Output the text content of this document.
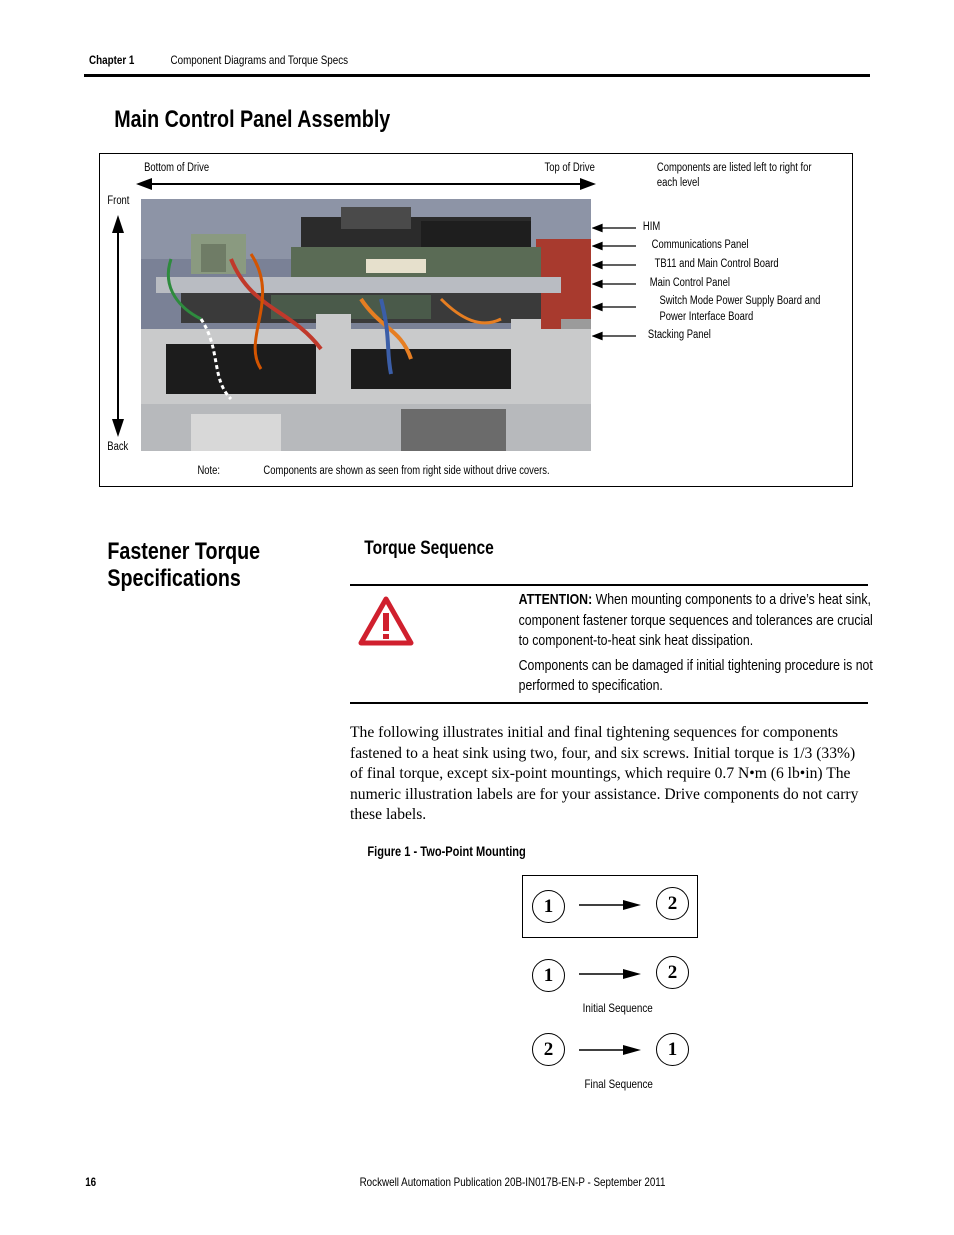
Chapter 1	Component Diagrams and Torque Specs
Main Control Panel Assembly
Bottom of Drive	Top of Drive	Components are listed left to right for each level
Front
Back
HIM
Communications Panel
TB11 and Main Control Board
Main Control Panel
Switch Mode Power Supply Board and Power Interface Board
Stacking Panel
Note:	Components are shown as seen from right side without drive covers.
Fastener Torque Specifications
Torque Sequence

ATTENTION: When mounting components to a drive’s heat sink, component fastener torque sequences and tolerances are crucial to component-to-heat sink heat dissipation.

Components can be damaged if initial tightening procedure is not performed to specification.

The following illustrates initial and final tightening sequences for components fastened to a heat sink using two, four, and six screws. Initial torque is 1/3 (33%) of final torque, except six-point mountings, which require 0.7 N•m (6 lb•in) The numeric illustration labels are for your assistance. Drive components do not carry these labels.
Figure 1 - Two-Point Mounting
1	2
1	2
Initial Sequence
2	1
Final Sequence
16	Rockwell Automation Publication 20B-IN017B-EN-P - September 2011
